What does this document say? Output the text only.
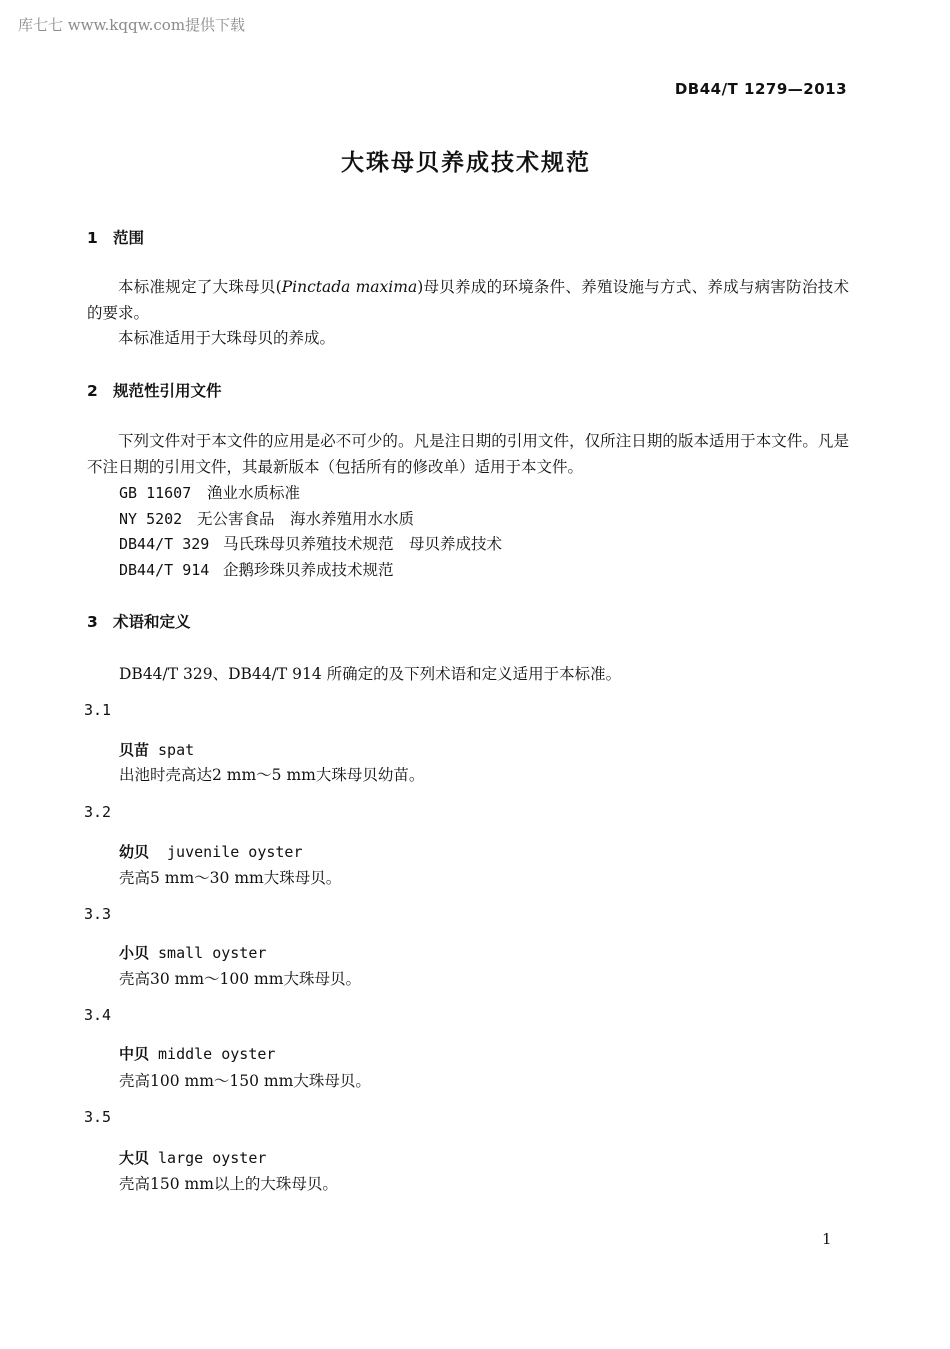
库七七 www.kqqw.com提供下载
DB44/T 1279—2013
大珠母贝养成技术规范
1 范围
本标准规定了大珠母贝(Pinctada maxima)母贝养成的环境条件、养殖设施与方式、养成与病害防治技术的要求。
本标准适用于大珠母贝的养成。
2 规范性引用文件
下列文件对于本文件的应用是必不可少的。凡是注日期的引用文件，仅所注日期的版本适用于本文件。凡是不注日期的引用文件，其最新版本（包括所有的修改单）适用于本文件。
GB 11607 渔业水质标准
NY 5202 无公害食品　海水养殖用水水质
DB44/T 329 马氏珠母贝养殖技术规范　母贝养成技术
DB44/T 914 企鹅珍珠贝养成技术规范
3 术语和定义
DB44/T 329、DB44/T 914 所确定的及下列术语和定义适用于本标准。
3.1
贝苗 spat
出池时壳高达2 mm～5 mm大珠母贝幼苗。
3.2
幼贝 juvenile oyster
壳高5 mm～30 mm大珠母贝。
3.3
小贝 small oyster
壳高30 mm～100 mm大珠母贝。
3.4
中贝 middle oyster
壳高100 mm～150 mm大珠母贝。
3.5
大贝 large oyster
壳高150 mm以上的大珠母贝。
1
